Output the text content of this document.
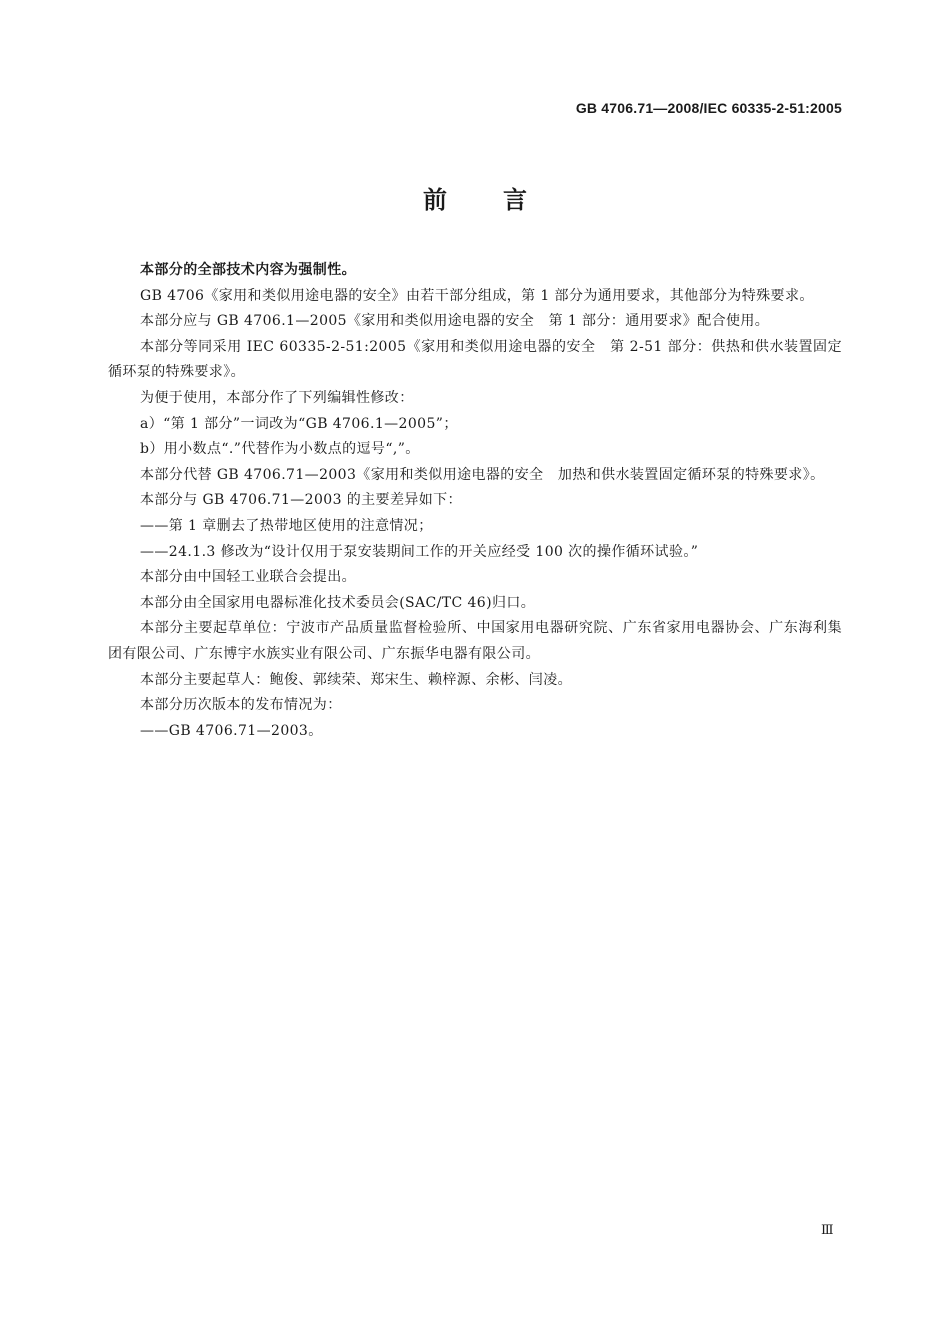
GB 4706.71—2008/IEC 60335-2-51:2005
前言

本部分的全部技术内容为强制性。

GB 4706《家用和类似用途电器的安全》由若干部分组成，第 1 部分为通用要求，其他部分为特殊要求。

本部分应与 GB 4706.1—2005《家用和类似用途电器的安全　第 1 部分：通用要求》配合使用。

本部分等同采用 IEC 60335-2-51:2005《家用和类似用途电器的安全　第 2-51 部分：供热和供水装置固定循环泵的特殊要求》。

为便于使用，本部分作了下列编辑性修改：

a）“第 1 部分”一词改为“GB 4706.1—2005”；

b）用小数点“.”代替作为小数点的逗号“,”。

本部分代替 GB 4706.71—2003《家用和类似用途电器的安全　加热和供水装置固定循环泵的特殊要求》。

本部分与 GB 4706.71—2003 的主要差异如下：

——第 1 章删去了热带地区使用的注意情况；

——24.1.3 修改为“设计仅用于泵安装期间工作的开关应经受 100 次的操作循环试验。”

本部分由中国轻工业联合会提出。

本部分由全国家用电器标准化技术委员会(SAC/TC 46)归口。

本部分主要起草单位：宁波市产品质量监督检验所、中国家用电器研究院、广东省家用电器协会、广东海利集团有限公司、广东博宇水族实业有限公司、广东振华电器有限公司。

本部分主要起草人：鲍俊、郭续荣、郑宋生、赖梓源、余彬、闫凌。

本部分历次版本的发布情况为：

——GB 4706.71—2003。

Ⅲ
